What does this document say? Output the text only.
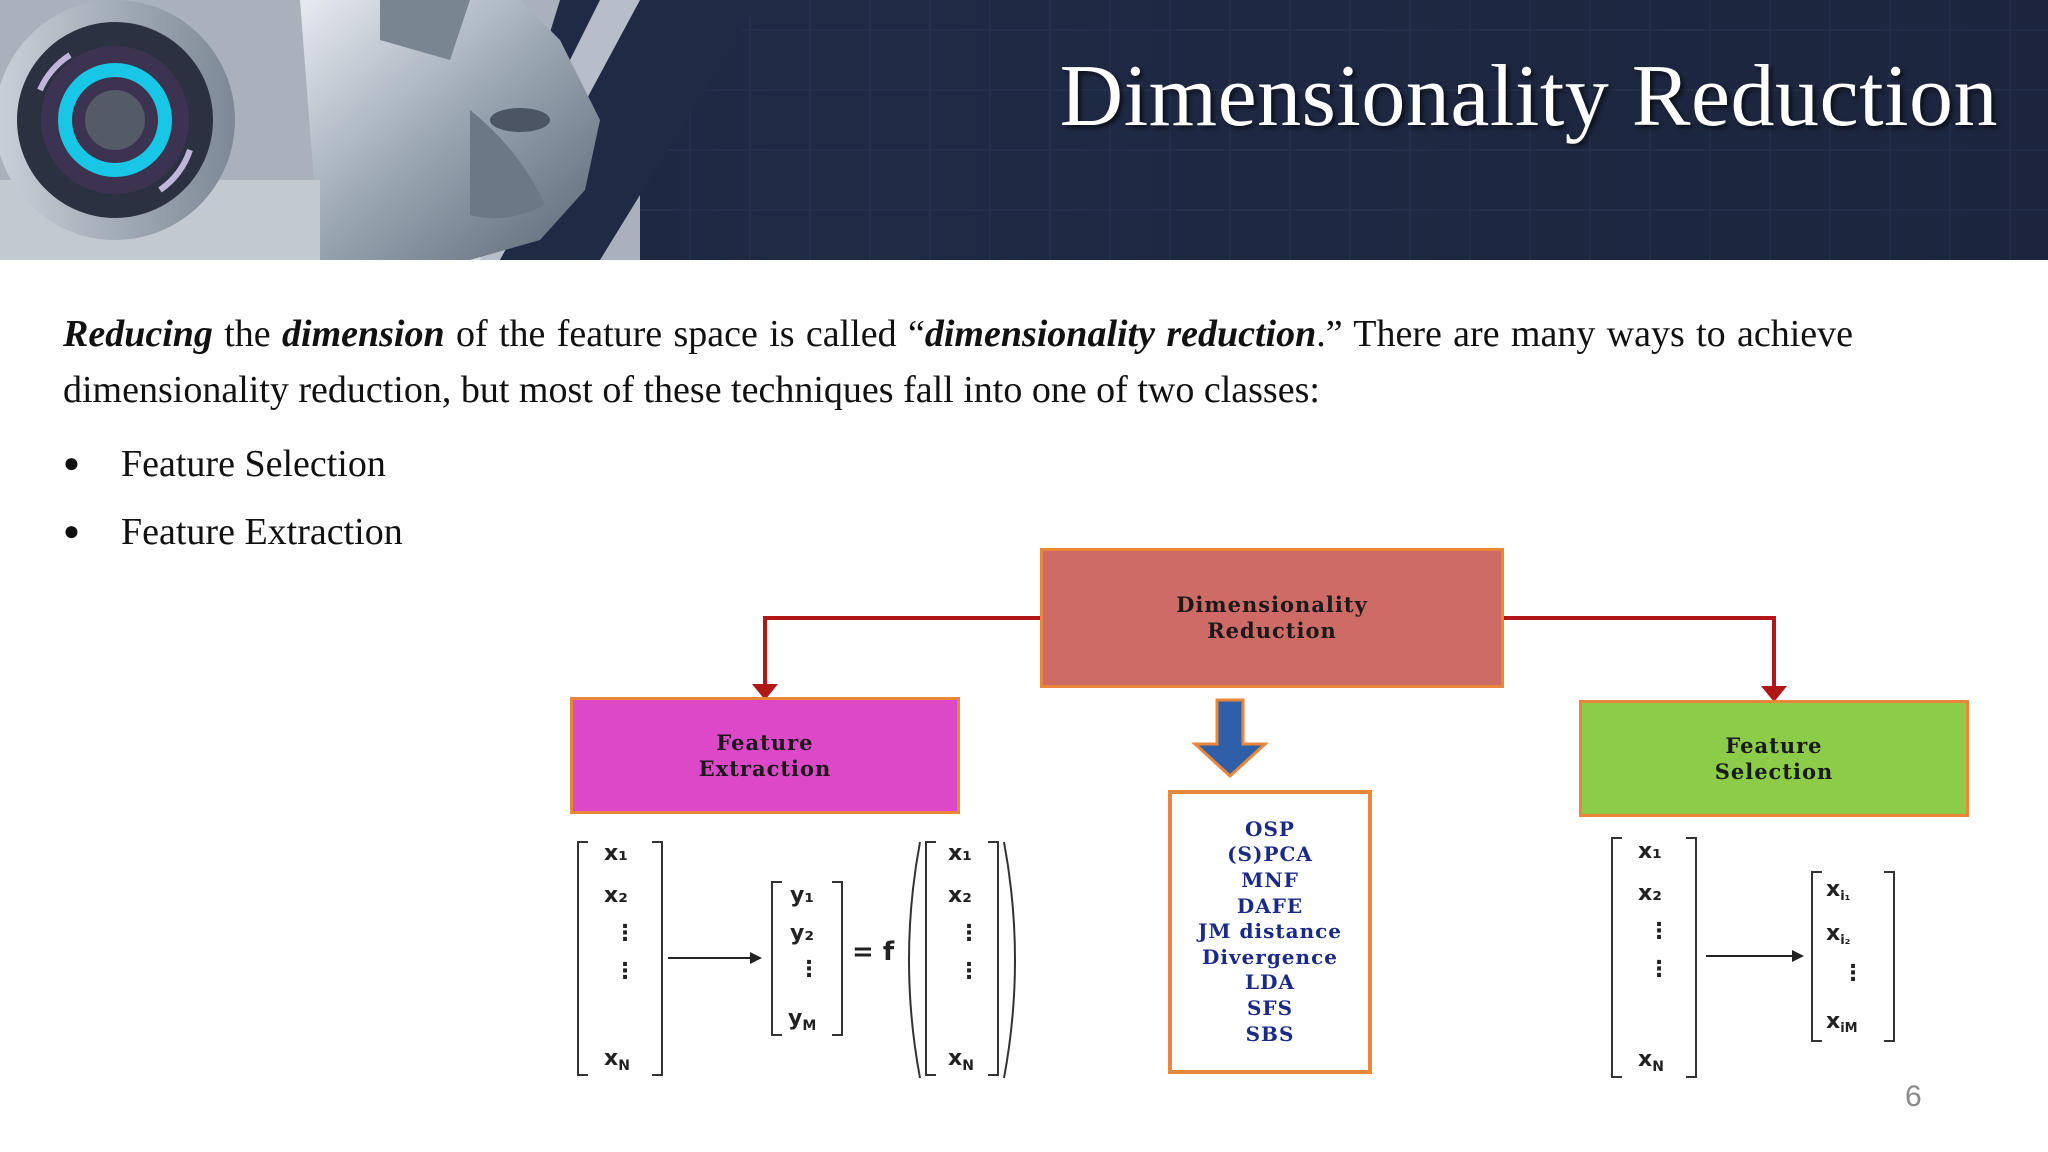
Dimensionality Reduction

Reducing the dimension of the feature space is called “dimensionality reduction.” There are many ways to achieve dimensionality reduction, but most of these techniques fall into one of two classes:

● Feature Selection
● Feature Extraction
x₁
x₂
⋮
⋮
$x_N$
y₁
y₂
⋮
$y_M$
= f
x₁
x₂
⋮
⋮
$x_N$
x₁
x₂
⋮
⋮
$x_N$
xi₁
xi₂
⋮
xiM
Dimensionality
Reduction
Feature
Extraction
Feature
Selection
OSP
(S)PCA
MNF
DAFE
JM distance
Divergence
LDA
SFS
SBS
6
